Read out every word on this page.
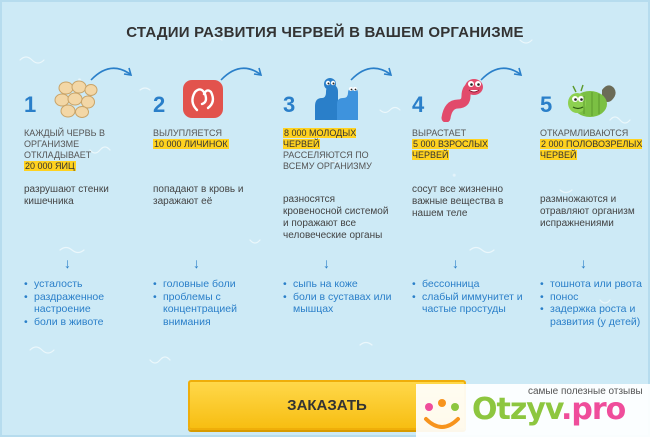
СТАДИИ РАЗВИТИЯ ЧЕРВЕЙ В ВАШЕМ ОРГАНИЗМЕ
1
КАЖДЫЙ ЧЕРВЬ В ОРГАНИЗМЕ ОТКЛАДЫВАЕТ
20 000 ЯИЦ
разрушают стенки кишечника
↓
• усталость
• раздраженное настроение
• боли в животе
2
ВЫЛУПЛЯЕТСЯ
10 000 ЛИЧИНОК
попадают в кровь и заражают её
↓
• головные боли
• проблемы с концентрацией внимания
3
8 000 МОЛОДЫХ ЧЕРВЕЙ
РАССЕЛЯЮТСЯ ПО ВСЕМУ ОРГАНИЗМУ
разносятся кровеносной системой и поражают все человеческие органы
↓
• сыпь на коже
• боли в суставах или мышцах
4
ВЫРАСТАЕТ
5 000 ВЗРОСЛЫХ ЧЕРВЕЙ
сосут все жизненно важные вещества в нашем теле
↓
• бессонница
• слабый иммунитет и частые простуды
5
ОТКАРМЛИВАЮТСЯ
2 000 ПОЛОВОЗРЕЛЫХ ЧЕРВЕЙ
размножаются и отравляют организм испражнениями
↓
• тошнота или рвота
• понос
• задержка роста и развития (у детей)
ЗАКАЗАТЬ
самые полезные отзывы
Otzyv.pro
